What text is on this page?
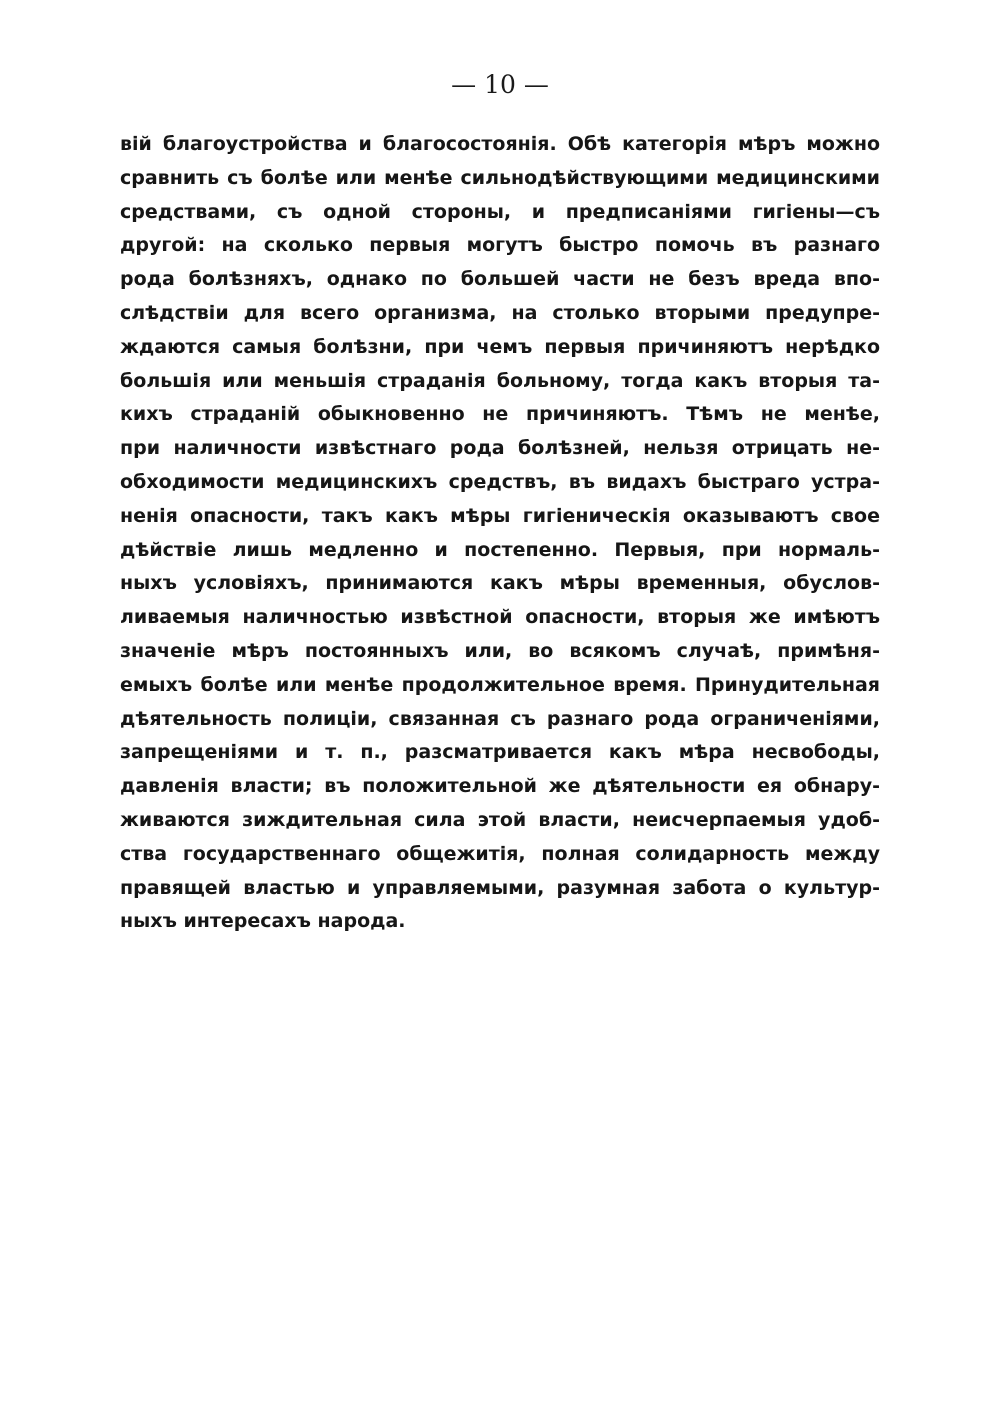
— 10 —
вій благоустройства и благосостоянія. Обѣ категорія мѣръ можно
сравнить съ болѣе или менѣе сильнодѣйствующими медицинскими
средствами, съ одной стороны, и предписаніями гигіены—съ
другой: на сколько первыя могутъ быстро помочь въ разнаго
рода болѣзняхъ, однако по большей части не безъ вреда впо-
слѣдствіи для всего организма, на столько вторыми предупре-
ждаются самыя болѣзни, при чемъ первыя причиняютъ нерѣдко
большія или меньшія страданія больному, тогда какъ вторыя та-
кихъ страданій обыкновенно не причиняютъ. Тѣмъ не менѣе,
при наличности извѣстнаго рода болѣзней, нельзя отрицать не-
обходимости медицинскихъ средствъ, въ видахъ быстраго устра-
ненія опасности, такъ какъ мѣры гигіеническія оказываютъ свое
дѣйствіе лишь медленно и постепенно. Первыя, при нормаль-
ныхъ условіяхъ, принимаются какъ мѣры временныя, обуслов-
ливаемыя наличностью извѣстной опасности, вторыя же имѣютъ
значеніе мѣръ постоянныхъ или, во всякомъ случаѣ, примѣня-
емыхъ болѣе или менѣе продолжительное время. Принудительная
дѣятельность полиціи, связанная съ разнаго рода ограниченіями,
запрещеніями и т. п., разсматривается какъ мѣра несвободы,
давленія власти; въ положительной же дѣятельности ея обнару-
живаются зиждительная сила этой власти, неисчерпаемыя удоб-
ства государственнаго общежитія, полная солидарность между
правящей властью и управляемыми, разумная забота о культур-
ныхъ интересахъ народа.
